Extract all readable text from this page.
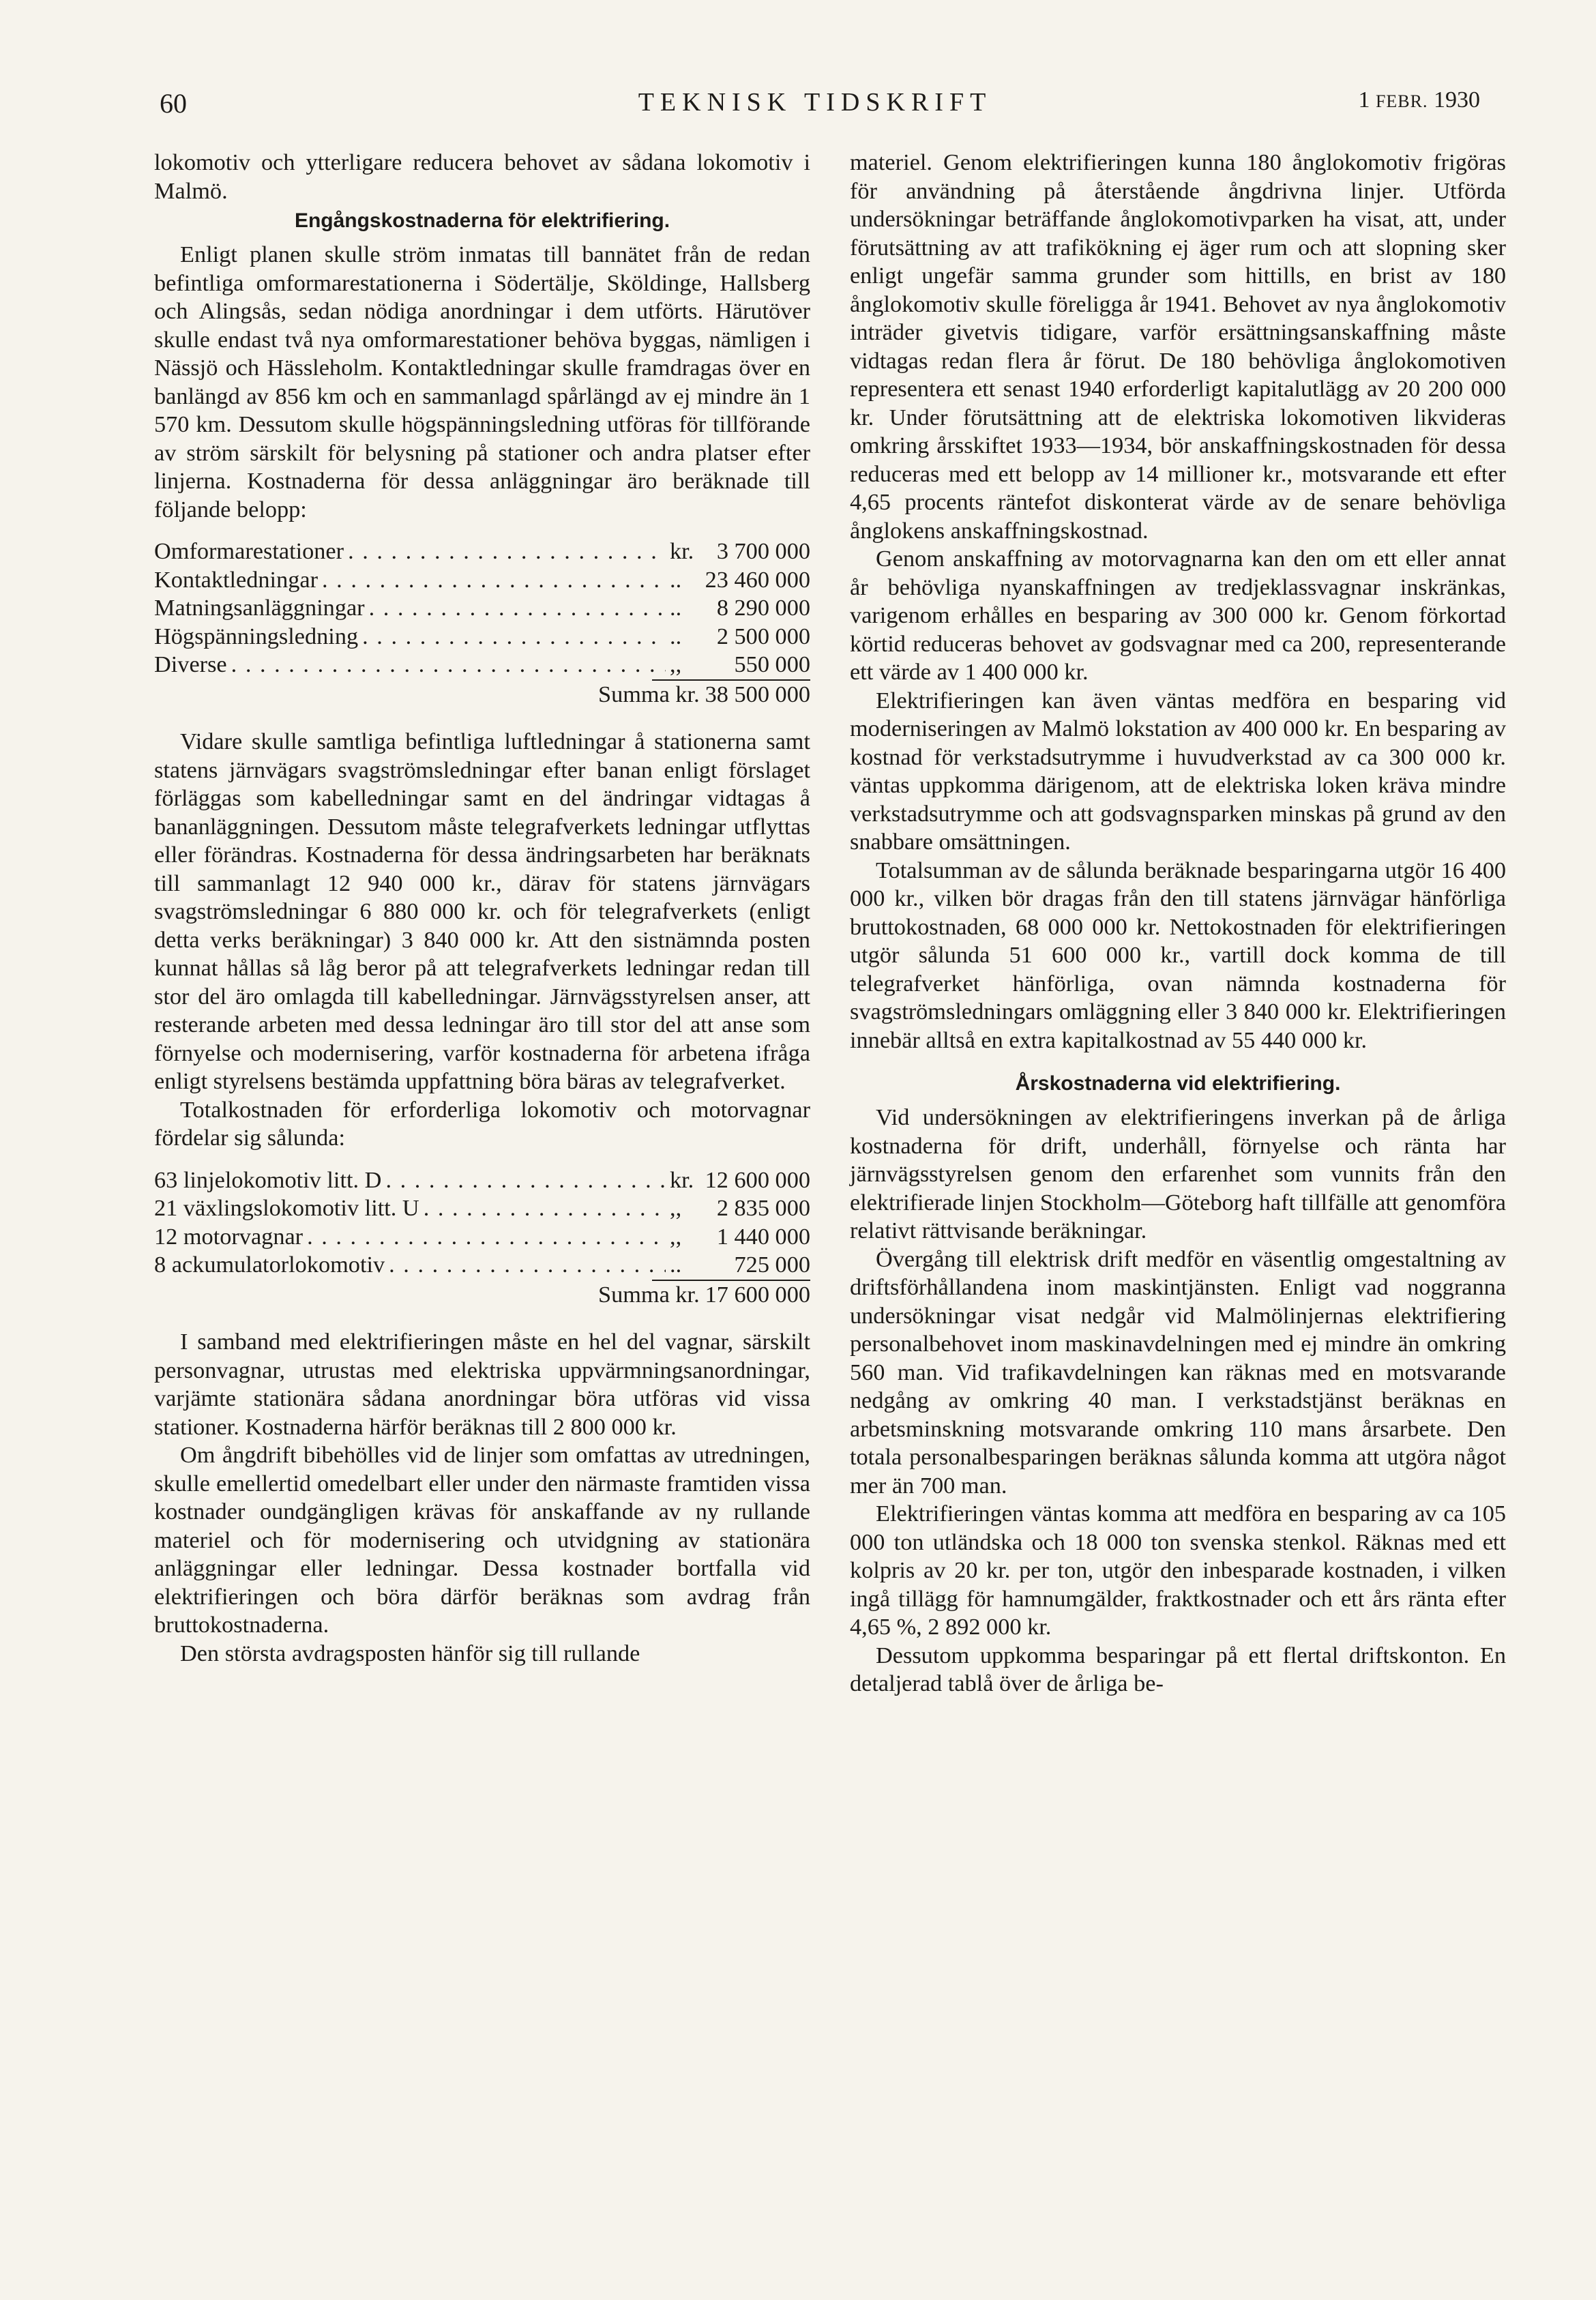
60	TEKNISK TIDSKRIFT	1 FEBR. 1930

lokomotiv och ytterligare reducera behovet av sådana lokomotiv i Malmö.

Engångskostnaderna för elektrifiering.

Enligt planen skulle ström inmatas till bannätet från de redan befintliga omformarestationerna i Södertälje, Sköldinge, Hallsberg och Alingsås, sedan nödiga anordningar i dem utförts. Härutöver skulle endast två nya omformarestationer behöva byggas, nämligen i Nässjö och Hässleholm. Kontaktledningar skulle framdragas över en banlängd av 856 km och en sammanlagd spårlängd av ej mindre än 1 570 km. Dessutom skulle högspänningsledning utföras för tillförande av ström särskilt för belysning på stationer och andra platser efter linjerna. Kostnaderna för dessa anläggningar äro beräknade till följande belopp:

Omformarestationer . . .	kr. 3 700 000
Kontaktledningar . . .	..	23 460 000
Matningsanläggningar . . .	..	8 290 000
Högspänningsledning . . .	..	2 500 000
Diverse . . .	,,	550 000
Summa kr. 38 500 000

Vidare skulle samtliga befintliga luftledningar å stationerna samt statens järnvägars svagströmsledningar efter banan enligt förslaget förläggas som kabelledningar samt en del ändringar vidtagas å bananläggningen. Dessutom måste telegrafverkets ledningar utflyttas eller förändras. Kostnaderna för dessa ändringsarbeten har beräknats till sammanlagt 12 940 000 kr., därav för statens järnvägars svagströmsledningar 6 880 000 kr. och för telegrafverkets (enligt detta verks beräkningar) 3 840 000 kr. Att den sistnämnda posten kunnat hållas så låg beror på att telegrafverkets ledningar redan till stor del äro omlagda till kabelledningar. Järnvägsstyrelsen anser, att resterande arbeten med dessa ledningar äro till stor del att anse som förnyelse och modernisering, varför kostnaderna för arbetena ifråga enligt styrelsens bestämda uppfattning böra bäras av telegrafverket.

Totalkostnaden för erforderliga lokomotiv och motorvagnar fördelar sig sålunda:

63 linjelokomotiv litt. D . . .	kr. 12 600 000
21 växlingslokomotiv litt. U . . .	,,	2 835 000
12 motorvagnar . . .	,,	1 440 000
8 ackumulatorlokomotiv . . .	..	725 000
Summa kr. 17 600 000

I samband med elektrifieringen måste en hel del vagnar, särskilt personvagnar, utrustas med elektriska uppvärmningsanordningar, varjämte stationära sådana anordningar böra utföras vid vissa stationer. Kostnaderna härför beräknas till 2 800 000 kr.

Om ångdrift bibehölles vid de linjer som omfattas av utredningen, skulle emellertid omedelbart eller under den närmaste framtiden vissa kostnader oundgängligen krävas för anskaffande av ny rullande materiel och för modernisering och utvidgning av stationära anläggningar eller ledningar. Dessa kostnader bortfalla vid elektrifieringen och böra därför beräknas som avdrag från bruttokostnaderna.

Den största avdragsposten hänför sig till rullande

materiel. Genom elektrifieringen kunna 180 ånglokomotiv frigöras för användning på återstående ångdrivna linjer. Utförda undersökningar beträffande ånglokomotivparken ha visat, att, under förutsättning av att trafikökning ej äger rum och att slopning sker enligt ungefär samma grunder som hittills, en brist av 180 ånglokomotiv skulle föreligga år 1941. Behovet av nya ånglokomotiv inträder givetvis tidigare, varför ersättningsanskaffning måste vidtagas redan flera år förut. De 180 behövliga ånglokomotiven representera ett senast 1940 erforderligt kapitalutlägg av 20 200 000 kr. Under förutsättning att de elektriska lokomotiven likvideras omkring årsskiftet 1933—1934, bör anskaffningskostnaden för dessa reduceras med ett belopp av 14 millioner kr., motsvarande ett efter 4,65 procents räntefot diskonterat värde av de senare behövliga ånglokens anskaffningskostnad.

Genom anskaffning av motorvagnarna kan den om ett eller annat år behövliga nyanskaffningen av tredjeklassvagnar inskränkas, varigenom erhålles en besparing av 300 000 kr. Genom förkortad körtid reduceras behovet av godsvagnar med ca 200, representerande ett värde av 1 400 000 kr.

Elektrifieringen kan även väntas medföra en besparing vid moderniseringen av Malmö lokstation av 400 000 kr. En besparing av kostnad för verkstadsutrymme i huvudverkstad av ca 300 000 kr. väntas uppkomma därigenom, att de elektriska loken kräva mindre verkstadsutrymme och att godsvagnsparken minskas på grund av den snabbare omsättningen.

Totalsumman av de sålunda beräknade besparingarna utgör 16 400 000 kr., vilken bör dragas från den till statens järnvägar hänförliga bruttokostnaden, 68 000 000 kr. Nettokostnaden för elektrifieringen utgör sålunda 51 600 000 kr., vartill dock komma de till telegrafverket hänförliga, ovan nämnda kostnaderna för svagströmsledningars omläggning eller 3 840 000 kr. Elektrifieringen innebär alltså en extra kapitalkostnad av 55 440 000 kr.

Årskostnaderna vid elektrifiering.

Vid undersökningen av elektrifieringens inverkan på de årliga kostnaderna för drift, underhåll, förnyelse och ränta har järnvägsstyrelsen genom den erfarenhet som vunnits från den elektrifierade linjen Stockholm—Göteborg haft tillfälle att genomföra relativt rättvisande beräkningar.

Övergång till elektrisk drift medför en väsentlig omgestaltning av driftsförhållandena inom maskintjänsten. Enligt vad noggranna undersökningar visat nedgår vid Malmölinjernas elektrifiering personalbehovet inom maskinavdelningen med ej mindre än omkring 560 man. Vid trafikavdelningen kan räknas med en motsvarande nedgång av omkring 40 man. I verkstadstjänst beräknas en arbetsminskning motsvarande omkring 110 mans årsarbete. Den totala personalbesparingen beräknas sålunda komma att utgöra något mer än 700 man.

Elektrifieringen väntas komma att medföra en besparing av ca 105 000 ton utländska och 18 000 ton svenska stenkol. Räknas med ett kolpris av 20 kr. per ton, utgör den inbesparade kostnaden, i vilken ingå tillägg för hamnumgälder, fraktkostnader och ett års ränta efter 4,65 %, 2 892 000 kr.

Dessutom uppkomma besparingar på ett flertal driftskonton. En detaljerad tablå över de årliga be-
